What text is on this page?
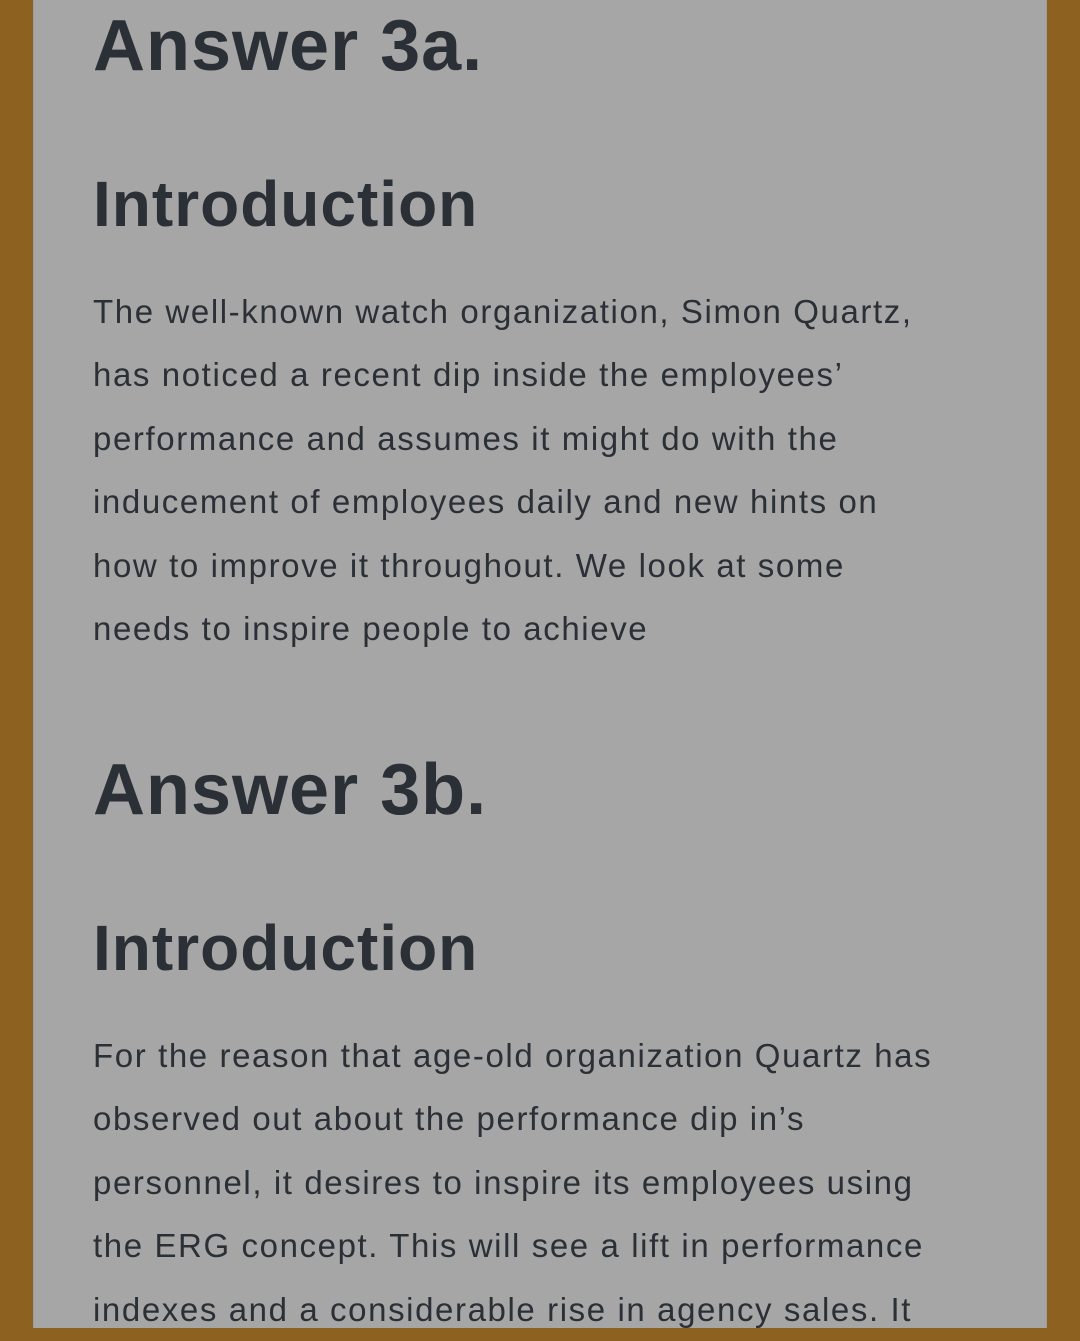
Answer 3a.
Introduction

The well-known watch organization, Simon Quartz,
has noticed a recent dip inside the employees’
performance and assumes it might do with the
inducement of employees daily and new hints on
how to improve it throughout. We look at some
needs to inspire people to achieve

Answer 3b.
Introduction

For the reason that age-old organization Quartz has
observed out about the performance dip in’s
personnel, it desires to inspire its employees using
the ERG concept. This will see a lift in performance
indexes and a considerable rise in agency sales. It
